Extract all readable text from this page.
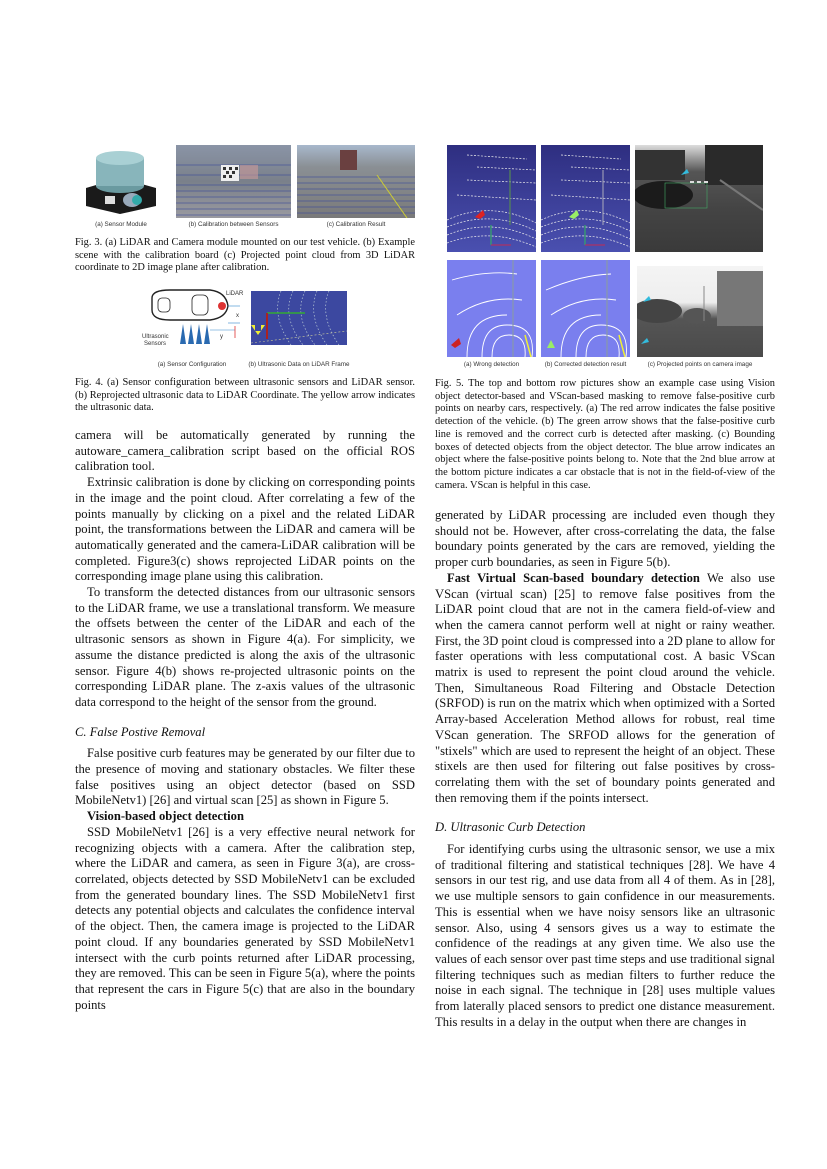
(a) Sensor Module	(b) Calibration between Sensors	(c) Calibration Result
Fig. 3. (a) LiDAR and Camera module mounted on our test vehicle. (b) Example scene with the calibration board (c) Projected point cloud from 3D LiDAR coordinate to 2D image plane after calibration.
LiDAR
x
y
Ultrasonic
Sensors
(a) Sensor Configuration	(b) Ultrasonic Data on LiDAR Frame
Fig. 4. (a) Sensor configuration between ultrasonic sensors and LiDAR sensor. (b) Reprojected ultrasonic data to LiDAR Coordinate. The yellow arrow indicates the ultrasonic data.
(a) Wrong detection	(b) Corrected detection result	(c) Projected points on camera image
Fig. 5. The top and bottom row pictures show an example case using Vision object detector-based and VScan-based masking to remove false-positive curb points on nearby cars, respectively. (a) The red arrow indicates the false positive detection of the vehicle. (b) The green arrow shows that the false-positive curb line is removed and the correct curb is detected after masking. (c) Bounding boxes of detected objects from the object detector. The blue arrow indicates an object where the false-positive points belong to. Note that the 2nd blue arrow at the bottom picture indicates a car obstacle that is not in the field-of-view of the camera. VScan is helpful in this case.

camera will be automatically generated by running the autoware_camera_calibration script based on the official ROS calibration tool.

Extrinsic calibration is done by clicking on corresponding points in the image and the point cloud. After correlating a few of the points manually by clicking on a pixel and the related LiDAR point, the transformations between the LiDAR and camera will be automatically generated and the camera-LiDAR calibration will be completed. Figure3(c) shows reprojected LiDAR points on the corresponding image plane using this calibration.

To transform the detected distances from our ultrasonic sensors to the LiDAR frame, we use a translational transform. We measure the offsets between the center of the LiDAR and each of the ultrasonic sensors as shown in Figure 4(a). For simplicity, we assume the distance predicted is along the axis of the ultrasonic sensor. Figure 4(b) shows re-projected ultrasonic points on the corresponding LiDAR plane. The z-axis values of the ultrasonic data correspond to the height of the sensor from the ground.

C. False Postive Removal

False positive curb features may be generated by our filter due to the presence of moving and stationary obstacles. We filter these false positives using an object detector (based on SSD MobileNetv1) [26] and virtual scan [25] as shown in Figure 5.

Vision-based object detection

SSD MobileNetv1 [26] is a very effective neural network for recognizing objects with a camera. After the calibration step, where the LiDAR and camera, as seen in Figure 3(a), are cross-correlated, objects detected by SSD MobileNetv1 can be excluded from the generated boundary lines. The SSD MobileNetv1 first detects any potential objects and calculates the confidence interval of the object. Then, the camera image is projected to the LiDAR point cloud. If any boundaries generated by SSD MobileNetv1 intersect with the curb points returned after LiDAR processing, they are removed. This can be seen in Figure 5(a), where the points that represent the cars in Figure 5(c) that are also in the boundary points

generated by LiDAR processing are included even though they should not be. However, after cross-correlating the data, the false boundary points generated by the cars are removed, yielding the proper curb boundaries, as seen in Figure 5(b).

Fast Virtual Scan-based boundary detection We also use VScan (virtual scan) [25] to remove false positives from the LiDAR point cloud that are not in the camera field-of-view and when the camera cannot perform well at night or rainy weather. First, the 3D point cloud is compressed into a 2D plane to allow for faster operations with less computational cost. A basic VScan matrix is used to represent the point cloud around the vehicle. Then, Simultaneous Road Filtering and Obstacle Detection (SRFOD) is run on the matrix which when optimized with a Sorted Array-based Acceleration Method allows for robust, real time VScan generation. The SRFOD allows for the generation of "stixels" which are used to represent the height of an object. These stixels are then used for filtering out false positives by cross-correlating them with the set of boundary points generated and then removing them if the points intersect.

D. Ultrasonic Curb Detection

For identifying curbs using the ultrasonic sensor, we use a mix of traditional filtering and statistical techniques [28]. We have 4 sensors in our test rig, and use data from all 4 of them. As in [28], we use multiple sensors to gain confidence in our measurements. This is essential when we have noisy sensors like an ultrasonic sensor. Also, using 4 sensors gives us a way to estimate the confidence of the readings at any given time. We also use the values of each sensor over past time steps and use traditional signal filtering techniques such as median filters to further reduce the noise in each signal. The technique in [28] uses multiple values from laterally placed sensors to predict one distance measurement. This results in a delay in the output when there are changes in
